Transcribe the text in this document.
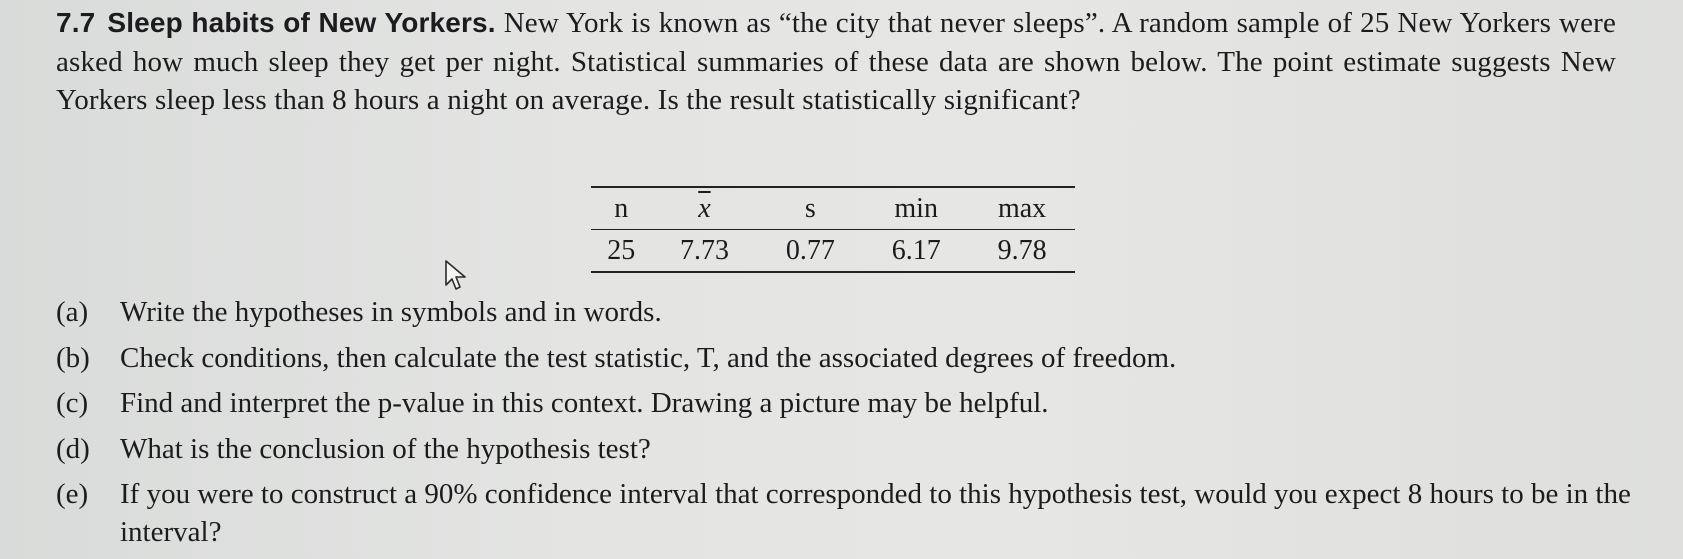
7.7 Sleep habits of New Yorkers. New York is known as “the city that never sleeps”. A random sample of 25 New Yorkers were asked how much sleep they get per night. Statistical summaries of these data are shown below. The point estimate suggests New Yorkers sleep less than 8 hours a night on average. Is the result statistically significant?
n	$\overline{x}$	s	min	max
25	7.73	0.77	6.17	9.78
(a) Write the hypotheses in symbols and in words.
(b) Check conditions, then calculate the test statistic, T, and the associated degrees of freedom.
(c) Find and interpret the p-value in this context. Drawing a picture may be helpful.
(d) What is the conclusion of the hypothesis test?
(e) If you were to construct a 90% confidence interval that corresponded to this hypothesis test, would you expect 8 hours to be in the interval?
